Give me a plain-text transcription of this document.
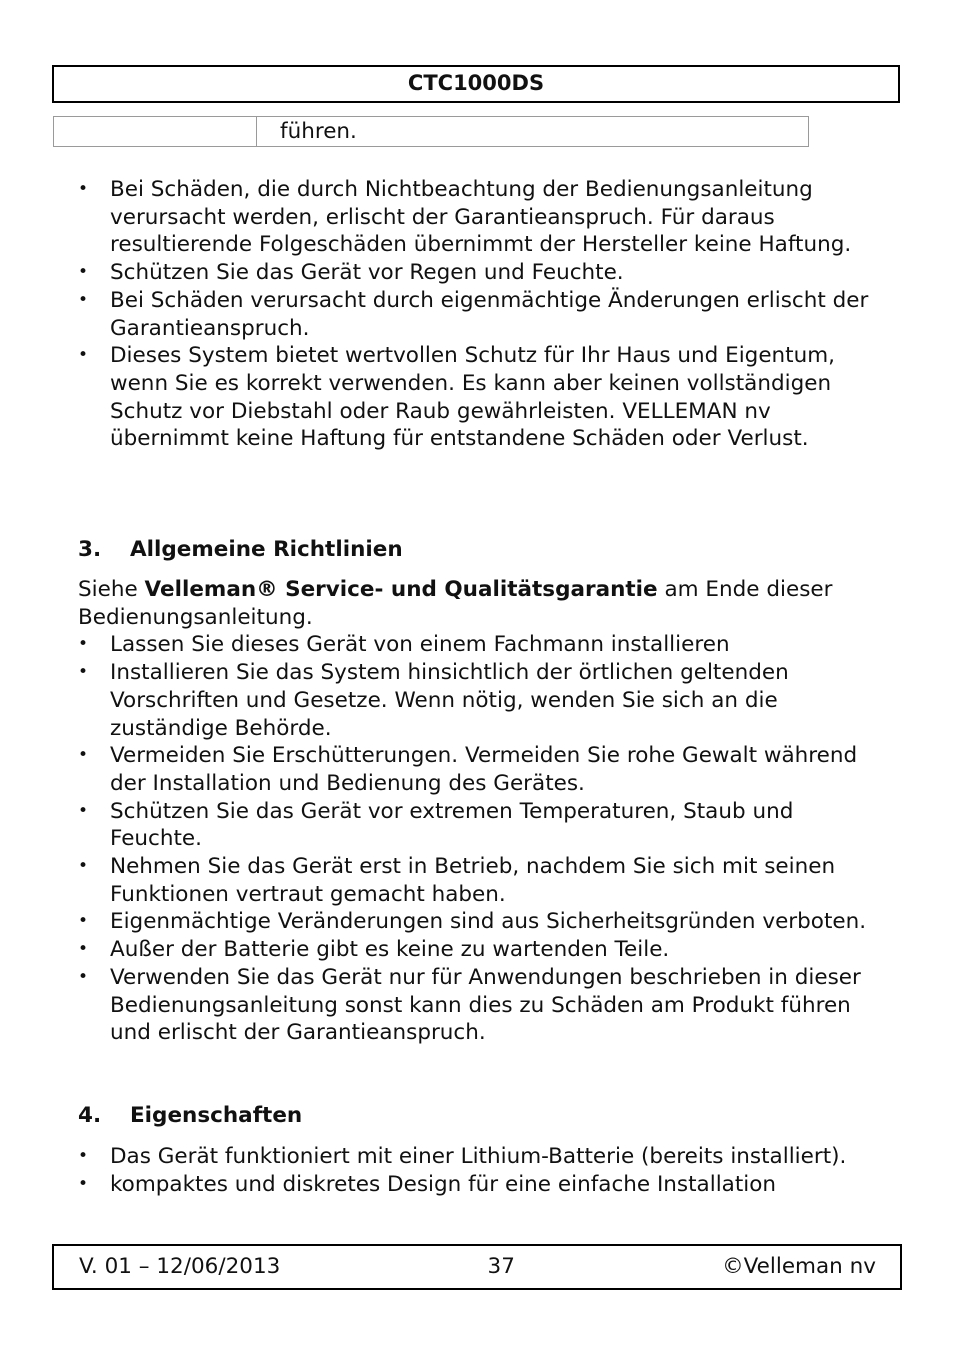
CTC1000DS
führen.
• Bei Schäden, die durch Nichtbeachtung der Bedienungsanleitung verursacht werden, erlischt der Garantieanspruch. Für daraus resultierende Folgeschäden übernimmt der Hersteller keine Haftung.
• Schützen Sie das Gerät vor Regen und Feuchte.
• Bei Schäden verursacht durch eigenmächtige Änderungen erlischt der Garantieanspruch.
• Dieses System bietet wertvollen Schutz für Ihr Haus und Eigentum, wenn Sie es korrekt verwenden. Es kann aber keinen vollständigen Schutz vor Diebstahl oder Raub gewährleisten. VELLEMAN nv übernimmt keine Haftung für entstandene Schäden oder Verlust.
3.	Allgemeine Richtlinien

Siehe Velleman® Service- und Qualitätsgarantie am Ende dieser Bedienungsanleitung.

• Lassen Sie dieses Gerät von einem Fachmann installieren
• Installieren Sie das System hinsichtlich der örtlichen geltenden Vorschriften und Gesetze. Wenn nötig, wenden Sie sich an die zuständige Behörde.
• Vermeiden Sie Erschütterungen. Vermeiden Sie rohe Gewalt während der Installation und Bedienung des Gerätes.
• Schützen Sie das Gerät vor extremen Temperaturen, Staub und Feuchte.
• Nehmen Sie das Gerät erst in Betrieb, nachdem Sie sich mit seinen Funktionen vertraut gemacht haben.
• Eigenmächtige Veränderungen sind aus Sicherheitsgründen verboten.
• Außer der Batterie gibt es keine zu wartenden Teile.
• Verwenden Sie das Gerät nur für Anwendungen beschrieben in dieser Bedienungsanleitung sonst kann dies zu Schäden am Produkt führen und erlischt der Garantieanspruch.
4.	Eigenschaften
• Das Gerät funktioniert mit einer Lithium-Batterie (bereits installiert).
• kompaktes und diskretes Design für eine einfache Installation
V. 01 – 12/06/2013	37	©Velleman nv
